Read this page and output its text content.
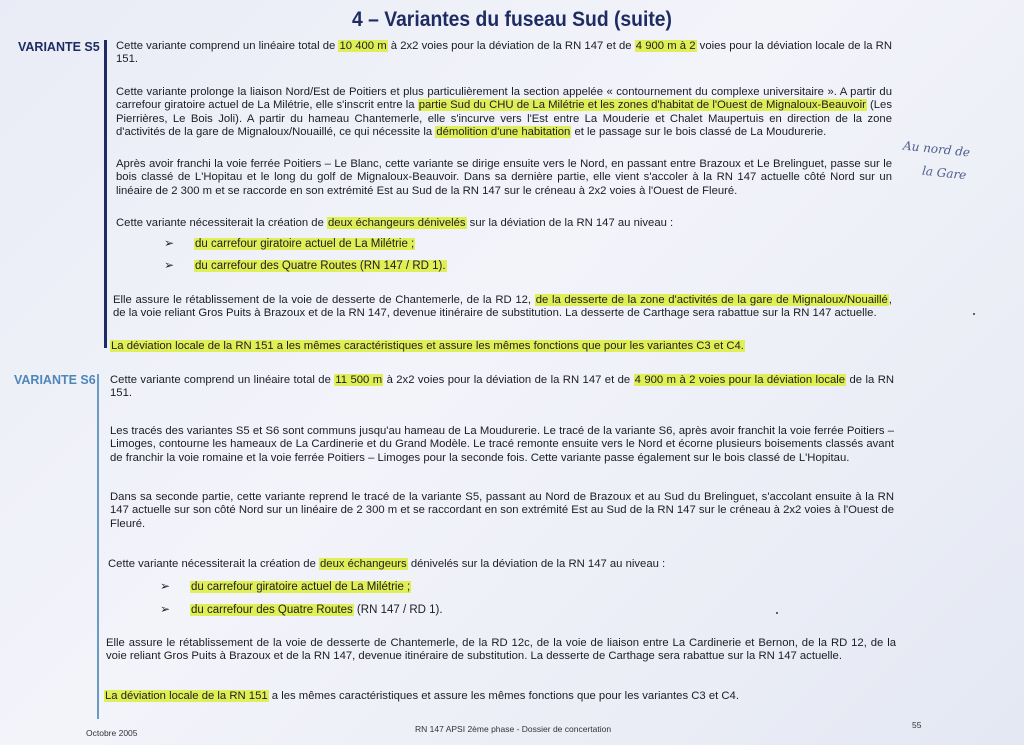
4 – Variantes du fuseau Sud (suite)
VARIANTE S5 Cette variante comprend un linéaire total de 10 400 m à 2x2 voies pour la déviation de la RN 147 et de 4 900 m à 2 voies pour la déviation locale de la RN 151.
Cette variante prolonge la liaison Nord/Est de Poitiers et plus particulièrement la section appelée « contournement du complexe universitaire ». A partir du carrefour giratoire actuel de La Milétrie, elle s'inscrit entre la partie Sud du CHU de La Milétrie et les zones d'habitat de l'Ouest de Mignaloux-Beauvoir (Les Pierrières, Le Bois Joli). A partir du hameau Chantemerle, elle s'incurve vers l'Est entre La Mouderie et Chalet Maupertuis en direction de la zone d'activités de la gare de Mignaloux/Nouaillé, ce qui nécessite la démolition d'une habitation et le passage sur le bois classé de La Moudurerie.
Après avoir franchi la voie ferrée Poitiers – Le Blanc, cette variante se dirige ensuite vers le Nord, en passant entre Brazoux et Le Brelinguet, passe sur le bois classé de L'Hopitau et le long du golf de Mignaloux-Beauvoir. Dans sa dernière partie, elle vient s'accoler à la RN 147 actuelle côté Nord sur un linéaire de 2 300 m et se raccorde en son extrémité Est au Sud de la RN 147 sur le créneau à 2x2 voies à l'Ouest de Fleuré.
Cette variante nécessiterait la création de deux échangeurs dénivelés sur la déviation de la RN 147 au niveau :
➢ du carrefour giratoire actuel de La Milétrie ;
➢ du carrefour des Quatre Routes (RN 147 / RD 1).
Elle assure le rétablissement de la voie de desserte de Chantemerle, de la RD 12, de la desserte de la zone d'activités de la gare de Mignaloux/Nouaillé, de la voie reliant Gros Puits à Brazoux et de la RN 147, devenue itinéraire de substitution. La desserte de Carthage sera rabattue sur la RN 147 actuelle.
La déviation locale de la RN 151 a les mêmes caractéristiques et assure les mêmes fonctions que pour les variantes C3 et C4.
VARIANTE S6 Cette variante comprend un linéaire total de 11 500 m à 2x2 voies pour la déviation de la RN 147 et de 4 900 m à 2 voies pour la déviation locale de la RN 151.
Les tracés des variantes S5 et S6 sont communs jusqu'au hameau de La Moudurerie. Le tracé de la variante S6, après avoir franchit la voie ferrée Poitiers – Limoges, contourne les hameaux de La Cardinerie et du Grand Modèle. Le tracé remonte ensuite vers le Nord et écorne plusieurs boisements classés avant de franchir la voie romaine et la voie ferrée Poitiers – Limoges pour la seconde fois. Cette variante passe également sur le bois classé de L'Hopitau.
Dans sa seconde partie, cette variante reprend le tracé de la variante S5, passant au Nord de Brazoux et au Sud du Brelinguet, s'accolant ensuite à la RN 147 actuelle sur son côté Nord sur un linéaire de 2 300 m et se raccordant en son extrémité Est au Sud de la RN 147 sur le créneau à 2x2 voies à l'Ouest de Fleuré.
Cette variante nécessiterait la création de deux échangeurs dénivelés sur la déviation de la RN 147 au niveau :
➢ du carrefour giratoire actuel de La Milétrie ;
➢ du carrefour des Quatre Routes (RN 147 / RD 1).
Elle assure le rétablissement de la voie de desserte de Chantemerle, de la RD 12c, de la voie de liaison entre La Cardinerie et Bernon, de la RD 12, de la voie reliant Gros Puits à Brazoux et de la RN 147, devenue itinéraire de substitution. La desserte de Carthage sera rabattue sur la RN 147 actuelle.
La déviation locale de la RN 151 a les mêmes caractéristiques et assure les mêmes fonctions que pour les variantes C3 et C4.
Au nord de
la Gare
Octobre 2005	RN 147 APSI 2ème phase - Dossier de concertation	55
